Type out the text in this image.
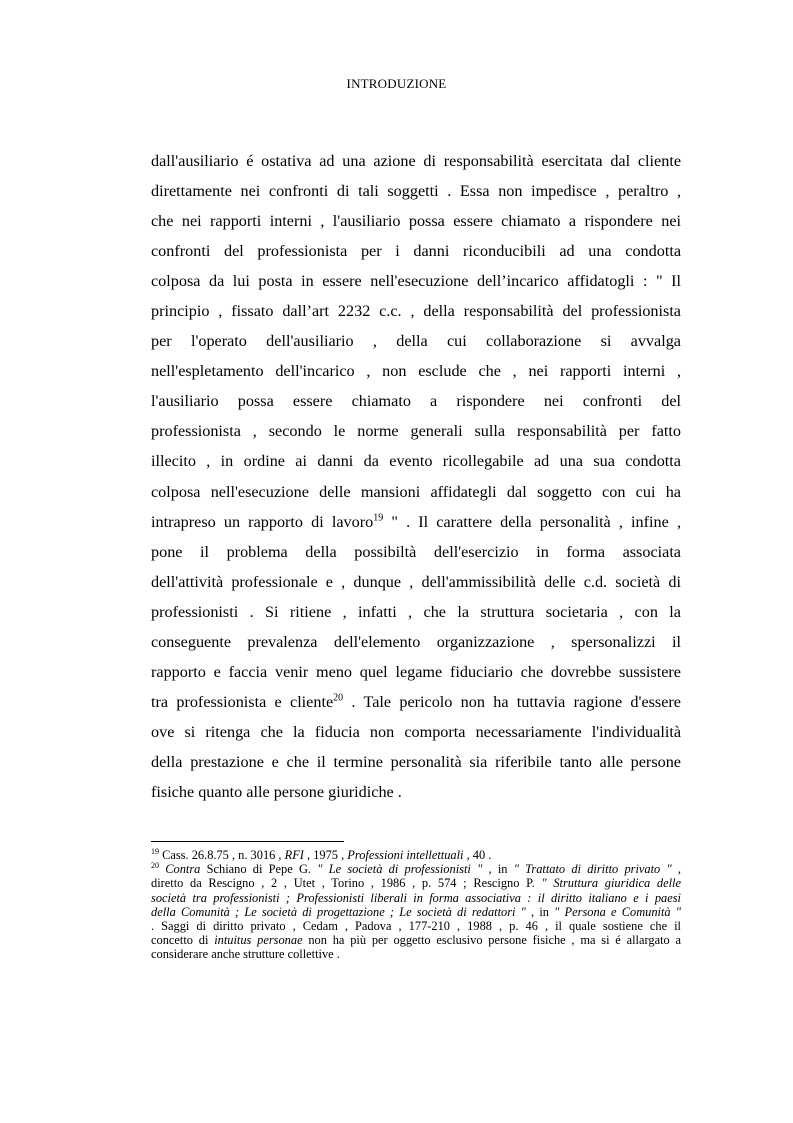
INTRODUZIONE
dall'ausiliario é ostativa ad una azione di responsabilità esercitata dal cliente
direttamente nei confronti di tali soggetti . Essa non impedisce , peraltro ,
che nei rapporti interni , l'ausiliario possa essere chiamato a rispondere nei
confronti del professionista per i danni riconducibili ad una condotta
colposa da lui posta in essere nell'esecuzione dell’incarico affidatogli : " Il
principio , fissato dall’art 2232 c.c. , della responsabilità del professionista
per l'operato dell'ausiliario , della cui collaborazione si avvalga
nell'espletamento dell'incarico , non esclude che , nei rapporti interni ,
l'ausiliario possa essere chiamato a rispondere nei confronti del
professionista , secondo le norme generali sulla responsabilità per fatto
illecito , in ordine ai danni da evento ricollegabile ad una sua condotta
colposa nell'esecuzione delle mansioni affidategli dal soggetto con cui ha
intrapreso un rapporto di lavoro$^{19}$ " . Il carattere della personalità , infine ,
pone il problema della possibiltà dell'esercizio in forma associata
dell'attività professionale e , dunque , dell'ammissibilità delle c.d. società di
professionisti . Si ritiene , infatti , che la struttura societaria , con la
conseguente prevalenza dell'elemento organizzazione , spersonalizzi il
rapporto e faccia venir meno quel legame fiduciario che dovrebbe sussistere
tra professionista e cliente$^{20}$ . Tale pericolo non ha tuttavia ragione d'essere
ove si ritenga che la fiducia non comporta necessariamente l'individualità
della prestazione e che il termine personalità sia riferibile tanto alle persone
fisiche quanto alle persone giuridiche .
$^{19}$ Cass. 26.8.75 , n. 3016 , RFI , 1975 , Professioni intellettuali , 40 .
$^{20}$ Contra Schiano di Pepe G. " Le società di professionisti " , in " Trattato di diritto privato " ,
diretto da Rescigno , 2 , Utet , Torino , 1986 , p. 574 ; Rescigno P. " Struttura giuridica delle
società tra professionisti ; Professionisti liberali in forma associativa : il diritto italiano e i paesi
della Comunità ; Le società di progettazione ; Le società di redattori " , in " Persona e Comunità "
. Saggi di diritto privato , Cedam , Padova , 177-210 , 1988 , p. 46 , il quale sostiene che il
concetto di intuitus personae non ha più per oggetto esclusivo persone fisiche , ma si é allargato a
considerare anche strutture collettive .
